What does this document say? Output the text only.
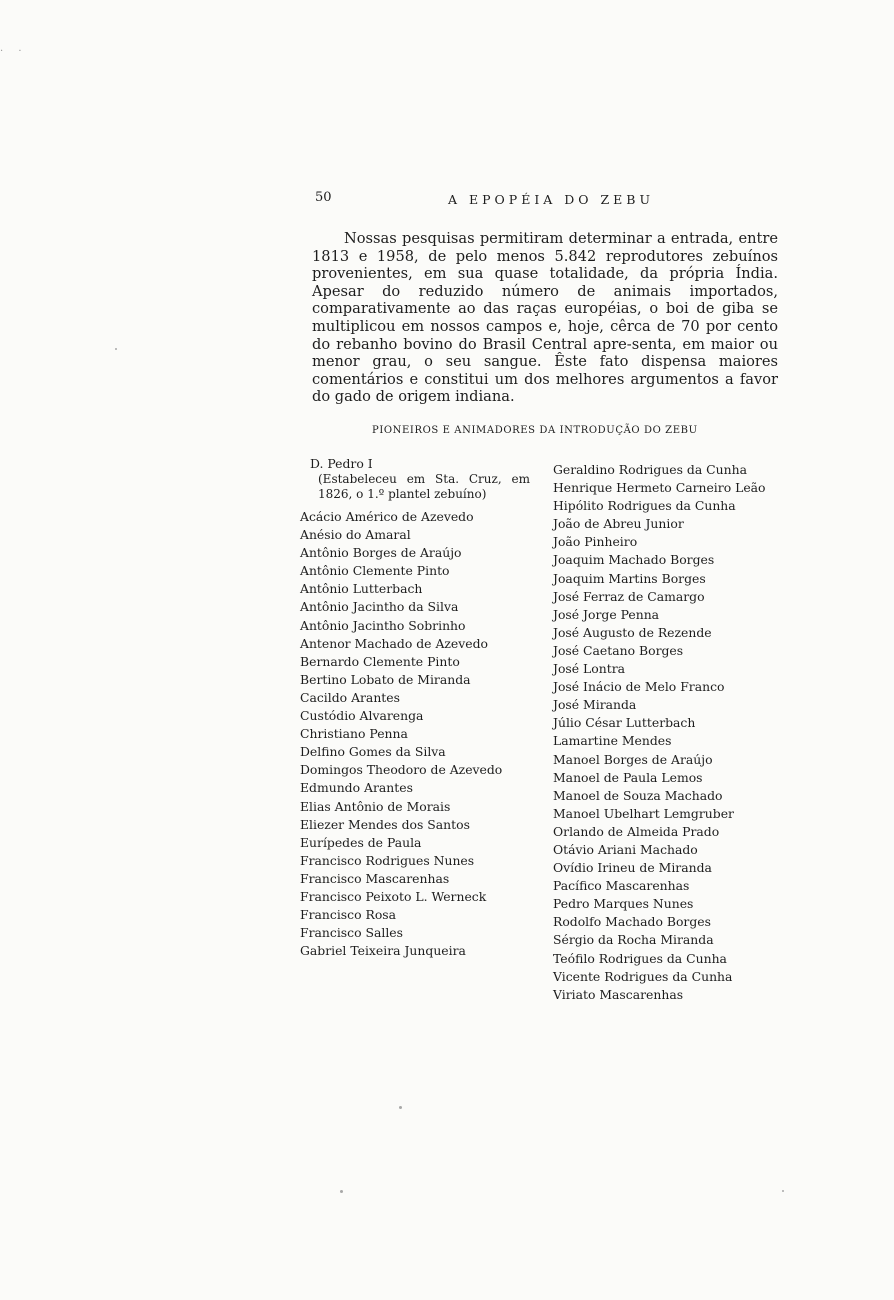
· ·
50	A EPOPÉIA DO ZEBU

Nossas pesquisas permitiram determinar a entrada, entre 1813 e 1958, de pelo menos 5.842 reprodutores zebuínos provenientes, em sua quase totalidade, da própria Índia. Apesar do reduzido número de animais importados, comparativamente ao das raças européias, o boi de giba se multiplicou em nossos campos e, hoje, cêrca de 70 por cento do rebanho bovino do Brasil Central apre-senta, em maior ou menor grau, o seu sangue. Êste fato dispensa maiores comentários e constitui um dos melhores argumentos a favor do gado de origem indiana.

PIONEIROS E ANIMADORES DA INTRODUÇÃO DO ZEBU
D. Pedro I
(Estabeleceu em Sta. Cruz, em 1826, o 1.º plantel zebuíno)
Acácio Américo de Azevedo
Anésio do Amaral
Antônio Borges de Araújo
Antônio Clemente Pinto
Antônio Lutterbach
Antônio Jacintho da Silva
Antônio Jacintho Sobrinho
Antenor Machado de Azevedo
Bernardo Clemente Pinto
Bertino Lobato de Miranda
Cacildo Arantes
Custódio Alvarenga
Christiano Penna
Delfino Gomes da Silva
Domingos Theodoro de Azevedo
Edmundo Arantes
Elias Antônio de Morais
Eliezer Mendes dos Santos
Eurípedes de Paula
Francisco Rodrigues Nunes
Francisco Mascarenhas
Francisco Peixoto L. Werneck
Francisco Rosa
Francisco Salles
Gabriel Teixeira Junqueira
Geraldino Rodrigues da Cunha
Henrique Hermeto Carneiro Leão
Hipólito Rodrigues da Cunha
João de Abreu Junior
João Pinheiro
Joaquim Machado Borges
Joaquim Martins Borges
José Ferraz de Camargo
José Jorge Penna
José Augusto de Rezende
José Caetano Borges
José Lontra
José Inácio de Melo Franco
José Miranda
Júlio César Lutterbach
Lamartine Mendes
Manoel Borges de Araújo
Manoel de Paula Lemos
Manoel de Souza Machado
Manoel Ubelhart Lemgruber
Orlando de Almeida Prado
Otávio Ariani Machado
Ovídio Irineu de Miranda
Pacífico Mascarenhas
Pedro Marques Nunes
Rodolfo Machado Borges
Sérgio da Rocha Miranda
Teófilo Rodrigues da Cunha
Vicente Rodrigues da Cunha
Viriato Mascarenhas
